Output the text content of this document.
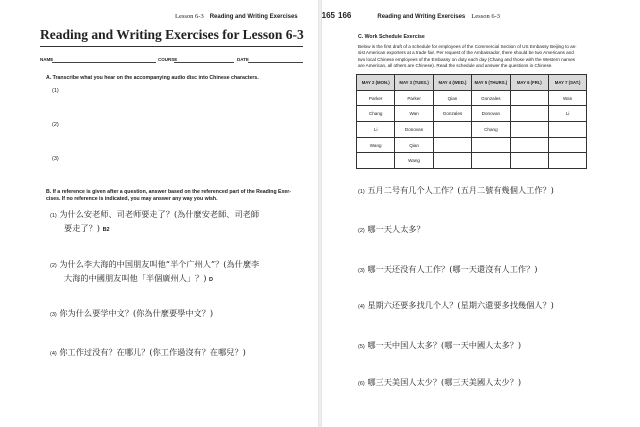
Lesson 6-3 Reading and Writing Exercises	165
Reading and Writing Exercises for Lesson 6-3
NAME	COURSE	DATE
A. Transcribe what you hear on the accompanying audio disc into Chinese characters.
(1)
(2)
(3)
B. If a reference is given after a question, answer based on the referenced part of the Reading Exer-
cises. If no reference is indicated, you may answer any way you wish.
(1) 为什么安老师、司老师要走了？(為什麼安老師、司老師
要走了？) B2
(2) 为什么李大海的中国朋友叫他“半个广州人”？(為什麼李
大海的中國朋友叫他「半個廣州人」？) D
(3) 你为什么要学中文？(你為什麼要學中文？)
(4) 你工作过没有？在哪儿？(你工作過沒有？在哪兒？)
166	Reading and Writing Exercises Lesson 6-3
C. Work Schedule Exercise
Below is the first draft of a schedule for employees of the Commercial Section of US Embassy Beijing to as-
sist American exporters at a trade fair. Per request of the Ambassador, there should be two Americans and
two local Chinese employees of the Embassy on duty each day (Chang and those with the Western names
are American, all others are Chinese). Read the schedule and answer the questions in Chinese.
MAY 2 (MON.)	MAY 3 (TUES.)	MAY 4 (WED.)	MAY 5 (THURS.)	MAY 6 (FRI.)	MAY 7 (SAT.)
Parker	Parker	Qian	Gonzales		Wan
Chang	Wan	Gonzales	Donovan		Li
Li	Donovan		Chang		
Wang	Qian				
	Wang				
(1) 五月二号有几个人工作？(五月二號有幾個人工作？)
(2) 哪一天人太多？
(3) 哪一天还没有人工作？(哪一天還沒有人工作？)
(4) 星期六还要多找几个人？(星期六還要多找幾個人？)
(5) 哪一天中国人太多？(哪一天中國人太多？)
(6) 哪三天美国人太少？(哪三天美國人太少？)
